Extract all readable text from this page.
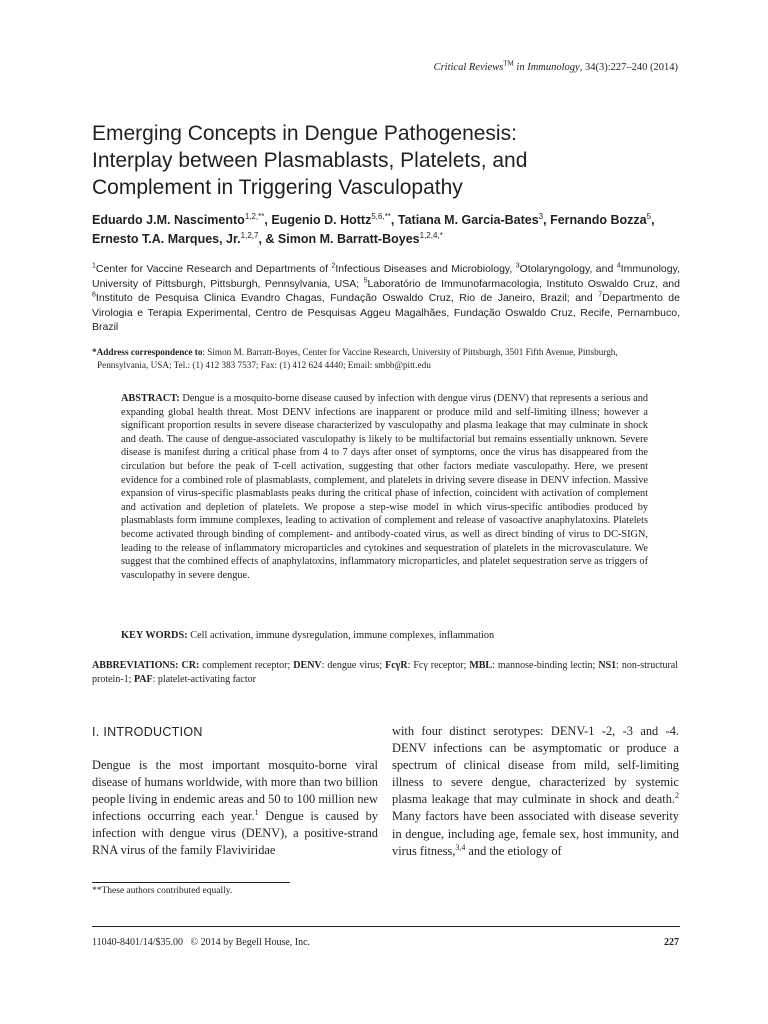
Critical Reviews™ in Immunology, 34(3):227–240 (2014)
Emerging Concepts in Dengue Pathogenesis:
Interplay between Plasmablasts, Platelets, and
Complement in Triggering Vasculopathy
Eduardo J.M. Nascimento$^{1,2,**}$, Eugenio D. Hottz$^{5,6,**}$, Tatiana M. Garcia-Bates$^3$, Fernando Bozza$^5$, Ernesto T.A. Marques, Jr.$^{1,2,7}$, & Simon M. Barratt-Boyes$^{1,2,4,*}$
$^1$Center for Vaccine Research and Departments of $^2$Infectious Diseases and Microbiology, $^3$Otolaryngology, and $^4$Immunology, University of Pittsburgh, Pittsburgh, Pennsylvania, USA; $^5$Laboratório de Immunofarmacologia, Instituto Oswaldo Cruz, and $^6$Instituto de Pesquisa Clinica Evandro Chagas, Fundação Oswaldo Cruz, Rio de Janeiro, Brazil; and $^7$Departmento de Virologia e Terapia Experimental, Centro de Pesquisas Aggeu Magalhães, Fundação Oswaldo Cruz, Recife, Pernambuco, Brazil
*Address correspondence to: Simon M. Barratt-Boyes, Center for Vaccine Research, University of Pittsburgh, 3501 Fifth Avenue, Pittsburgh,
Pennsylvania, USA; Tel.: (1) 412 383 7537; Fax: (1) 412 624 4440; Email: smbb@pitt.edu

ABSTRACT: Dengue is a mosquito-borne disease caused by infection with dengue virus (DENV) that represents a serious and expanding global health threat. Most DENV infections are inapparent or produce mild and self-limiting illness; however a significant proportion results in severe disease characterized by vasculopathy and plasma leakage that may culminate in shock and death. The cause of dengue-associated vasculopathy is likely to be multifactorial but remains essentially unknown. Severe disease is manifest during a critical phase from 4 to 7 days after onset of symptoms, once the virus has disappeared from the circulation but before the peak of T-cell activation, suggesting that other factors mediate vasculopathy. Here, we present evidence for a combined role of plasmablasts, complement, and platelets in driving severe disease in DENV infection. Massive expansion of virus-specific plasmablasts peaks during the critical phase of infection, coincident with activation of complement and activation and depletion of platelets. We propose a step-wise model in which virus-specific antibodies produced by plasmablasts form immune complexes, leading to activation of complement and release of vasoactive anaphylatoxins. Platelets become activated through binding of complement- and antibody-coated virus, as well as direct binding of virus to DC-SIGN, leading to the release of inflammatory microparticles and cytokines and sequestration of platelets in the microvasculature. We suggest that the combined effects of anaphylatoxins, inflammatory microparticles, and platelet sequestration serve as triggers of vasculopathy in severe dengue.

KEY WORDS: Cell activation, immune dysregulation, immune complexes, inflammation
ABBREVIATIONS: CR: complement receptor; DENV: dengue virus; FcγR: Fcγ receptor; MBL: mannose-binding lectin; NS1: non-structural protein-1; PAF: platelet-activating factor
I. INTRODUCTION

Dengue is the most important mosquito-borne viral disease of humans worldwide, with more than two billion people living in endemic areas and 50 to 100 million new infections occurring each year.$^1$ Dengue is caused by infection with dengue virus (DENV), a positive-strand RNA virus of the family Flaviviridae

with four distinct serotypes: DENV-1 -2, -3 and -4. DENV infections can be asymptomatic or produce a spectrum of clinical disease from mild, self-limiting illness to severe dengue, characterized by systemic plasma leakage that may culminate in shock and death.$^2$ Many factors have been associated with disease severity in dengue, including age, female sex, host immunity, and virus fitness,$^{3,4}$ and the etiology of

**These authors contributed equally.
11040-8401/14/$35.00   © 2014 by Begell House, Inc.	227
